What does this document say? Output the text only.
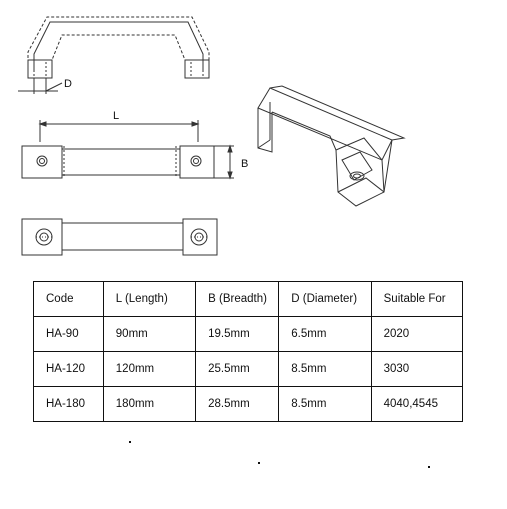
D
L
B
Code	L (Length)	B (Breadth)	D (Diameter)	Suitable For
HA-90	90mm	19.5mm	6.5mm	2020
HA-120	120mm	25.5mm	8.5mm	3030
HA-180	180mm	28.5mm	8.5mm	4040,4545
